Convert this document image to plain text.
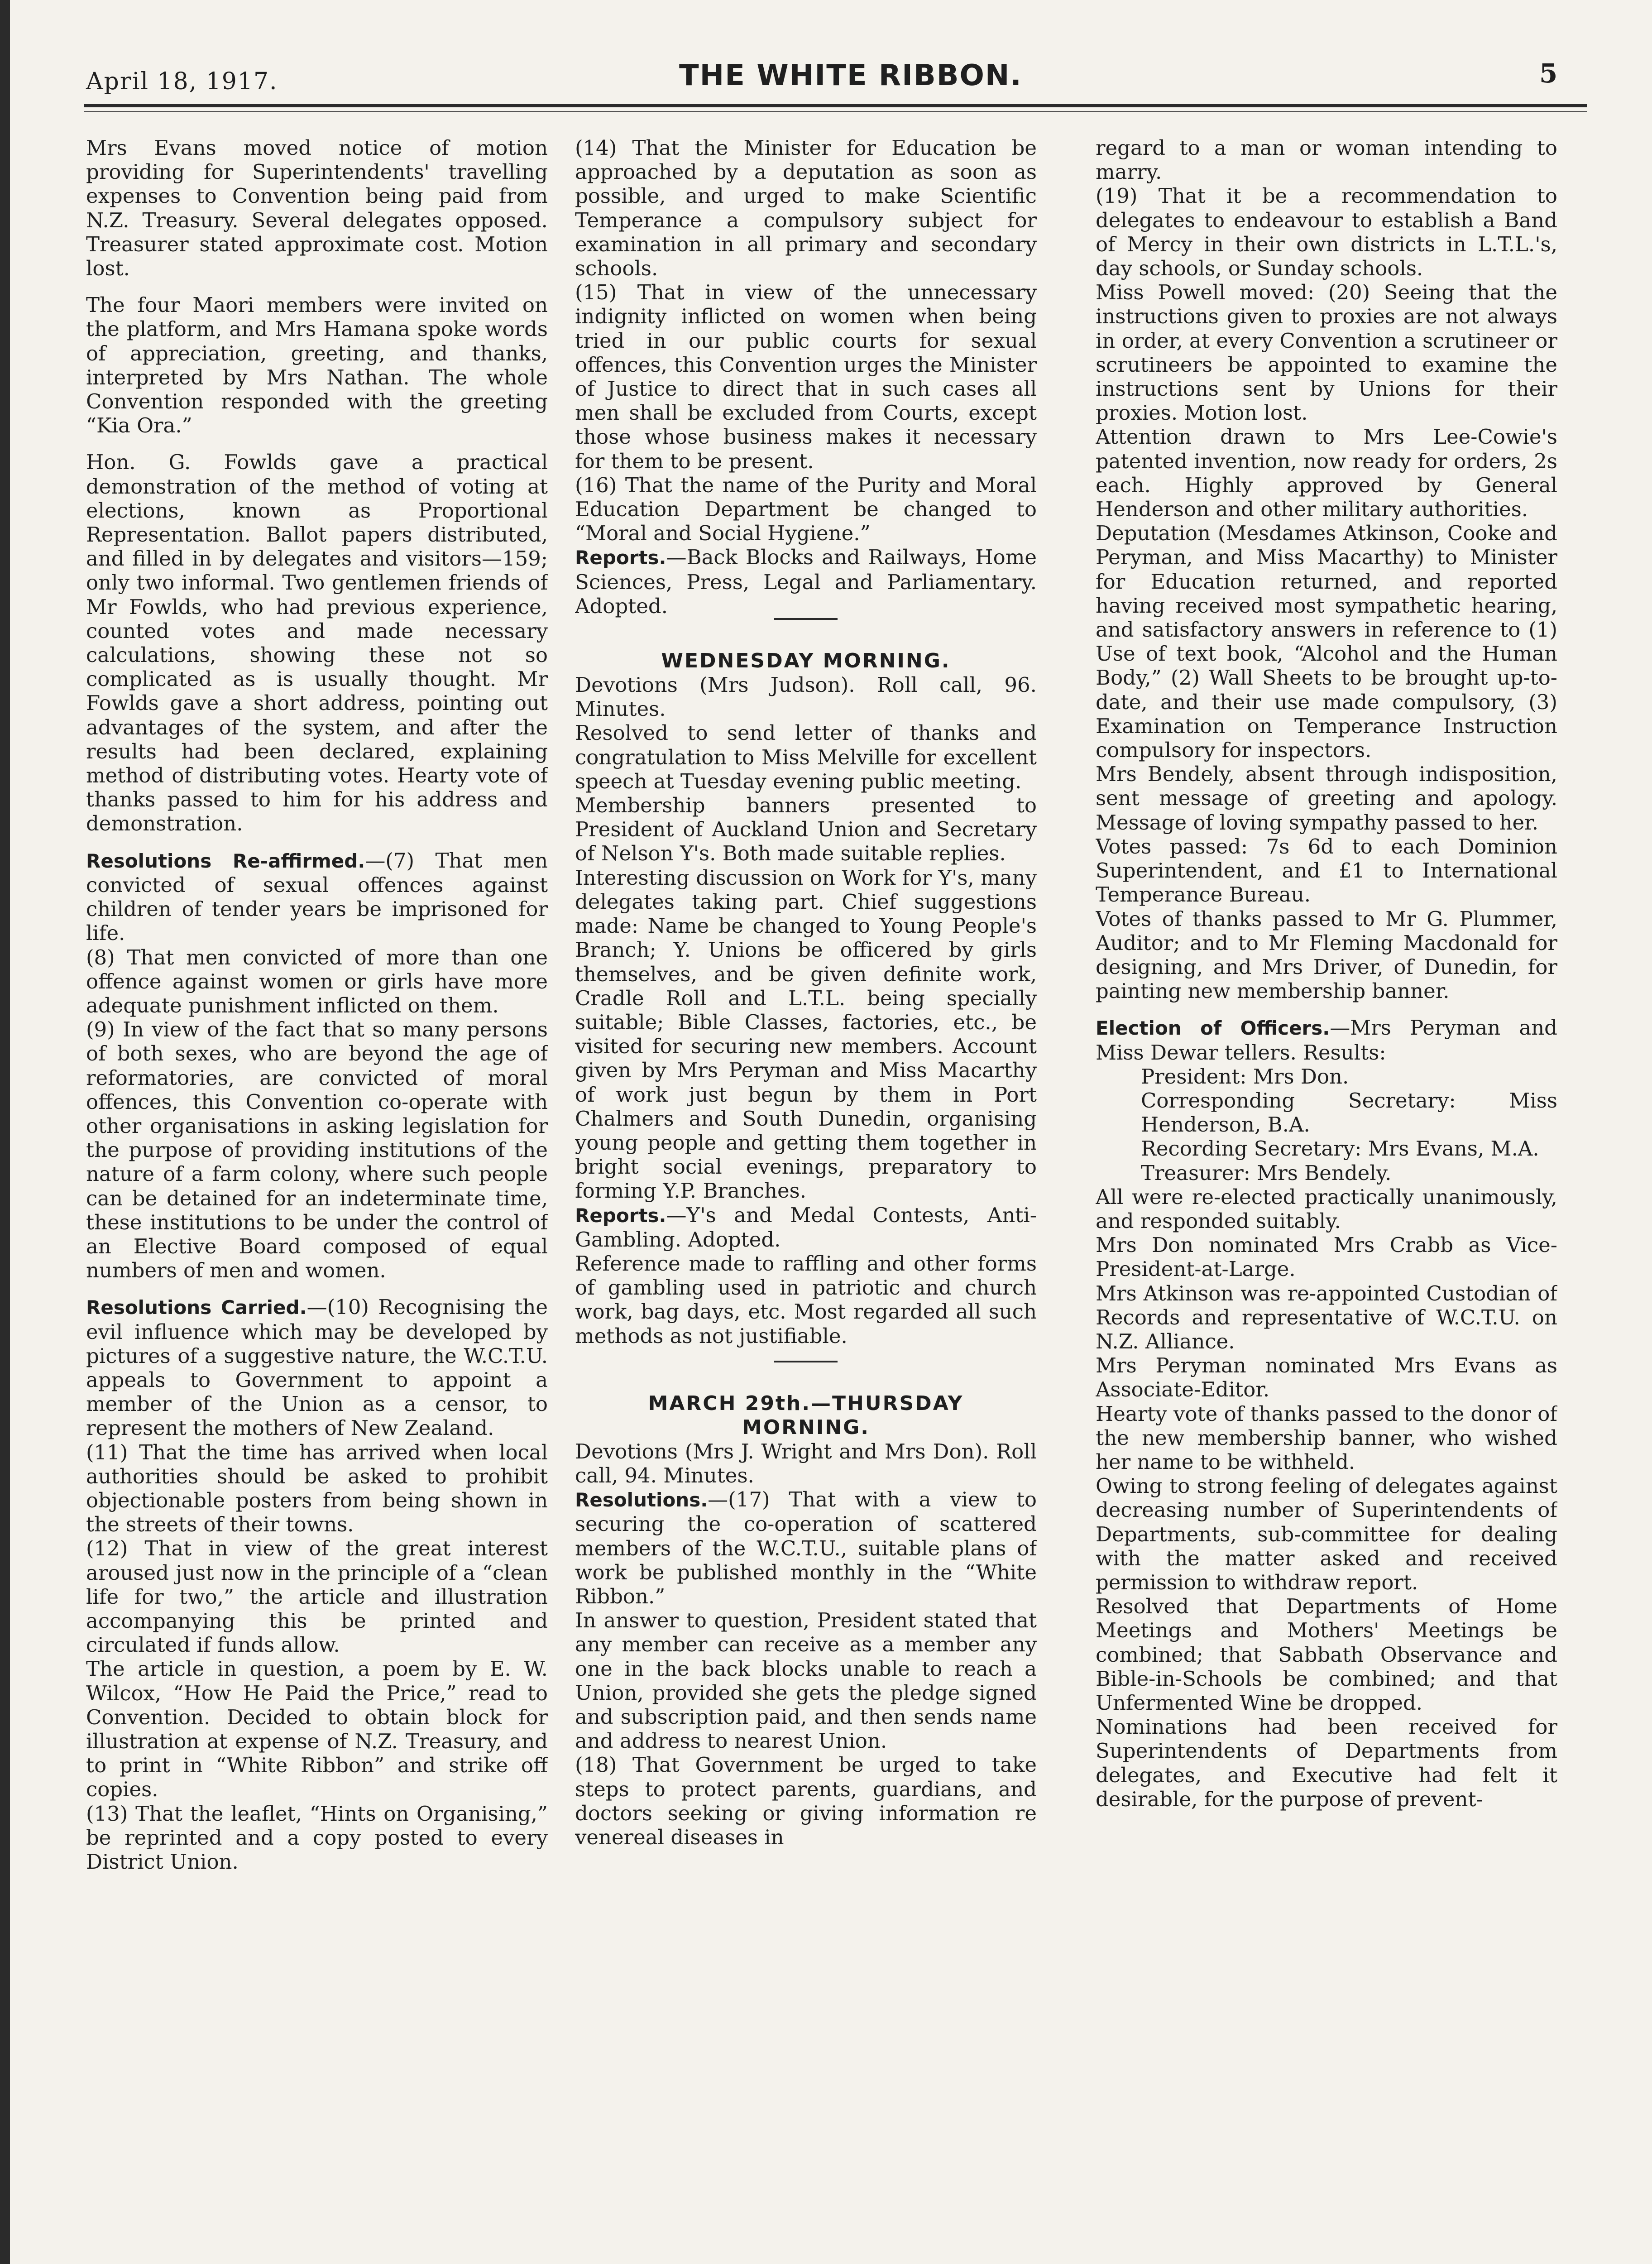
April 18, 1917.	THE WHITE RIBBON.	5

Mrs Evans moved notice of motion providing for Superintendents' travelling expenses to Convention being paid from N.Z. Treasury. Several delegates opposed. Treasurer stated approximate cost. Motion lost.

The four Maori members were invited on the platform, and Mrs Hamana spoke words of appreciation, greeting, and thanks, interpreted by Mrs Nathan. The whole Convention responded with the greeting “Kia Ora.”

Hon. G. Fowlds gave a practical demonstration of the method of voting at elections, known as Proportional Representation. Ballot papers distributed, and filled in by delegates and visitors—159; only two informal. Two gentlemen friends of Mr Fowlds, who had previous experience, counted votes and made necessary calculations, showing these not so complicated as is usually thought. Mr Fowlds gave a short address, pointing out advantages of the system, and after the results had been declared, explaining method of distributing votes. Hearty vote of thanks passed to him for his address and demonstration.

Resolutions Re-affirmed.—(7) That men convicted of sexual offences against children of tender years be imprisoned for life.

(8) That men convicted of more than one offence against women or girls have more adequate punishment inflicted on them.

(9) In view of the fact that so many persons of both sexes, who are beyond the age of reformatories, are convicted of moral offences, this Convention co-operate with other organisations in asking legislation for the purpose of providing institutions of the nature of a farm colony, where such people can be detained for an indeterminate time, these institutions to be under the control of an Elective Board composed of equal numbers of men and women.

Resolutions Carried.—(10) Recognising the evil influence which may be developed by pictures of a suggestive nature, the W.C.T.U. appeals to Government to appoint a member of the Union as a censor, to represent the mothers of New Zealand.

(11) That the time has arrived when local authorities should be asked to prohibit objectionable posters from being shown in the streets of their towns.

(12) That in view of the great interest aroused just now in the principle of a “clean life for two,” the article and illustration accompanying this be printed and circulated if funds allow.

The article in question, a poem by E. W. Wilcox, “How He Paid the Price,” read to Convention. Decided to obtain block for illustration at expense of N.Z. Treasury, and to print in “White Ribbon” and strike off copies.

(13) That the leaflet, “Hints on Organising,” be reprinted and a copy posted to every District Union.

(14) That the Minister for Education be approached by a deputation as soon as possible, and urged to make Scientific Temperance a compulsory subject for examination in all primary and secondary schools.

(15) That in view of the unnecessary indignity inflicted on women when being tried in our public courts for sexual offences, this Convention urges the Minister of Justice to direct that in such cases all men shall be excluded from Courts, except those whose business makes it necessary for them to be present.

(16) That the name of the Purity and Moral Education Department be changed to “Moral and Social Hygiene.”

Reports.—Back Blocks and Railways, Home Sciences, Press, Legal and Parliamentary. Adopted.

WEDNESDAY MORNING.

Devotions (Mrs Judson). Roll call, 96. Minutes.

Resolved to send letter of thanks and congratulation to Miss Melville for excellent speech at Tuesday evening public meeting.

Membership banners presented to President of Auckland Union and Secretary of Nelson Y's. Both made suitable replies.

Interesting discussion on Work for Y's, many delegates taking part. Chief suggestions made: Name be changed to Young People's Branch; Y. Unions be officered by girls themselves, and be given definite work, Cradle Roll and L.T.L. being specially suitable; Bible Classes, factories, etc., be visited for securing new members. Account given by Mrs Peryman and Miss Macarthy of work just begun by them in Port Chalmers and South Dunedin, organising young people and getting them together in bright social evenings, preparatory to forming Y.P. Branches.

Reports.—Y's and Medal Contests, Anti-Gambling. Adopted.

Reference made to raffling and other forms of gambling used in patriotic and church work, bag days, etc. Most regarded all such methods as not justifiable.

MARCH 29th.—THURSDAY
MORNING.

Devotions (Mrs J. Wright and Mrs Don). Roll call, 94. Minutes.

Resolutions.—(17) That with a view to securing the co-operation of scattered members of the W.C.T.U., suitable plans of work be published monthly in the “White Ribbon.”

In answer to question, President stated that any member can receive as a member any one in the back blocks unable to reach a Union, provided she gets the pledge signed and subscription paid, and then sends name and address to nearest Union.

(18) That Government be urged to take steps to protect parents, guardians, and doctors seeking or giving information re venereal diseases in

regard to a man or woman intending to marry.

(19) That it be a recommendation to delegates to endeavour to establish a Band of Mercy in their own districts in L.T.L.'s, day schools, or Sunday schools.

Miss Powell moved: (20) Seeing that the instructions given to proxies are not always in order, at every Convention a scrutineer or scrutineers be appointed to examine the instructions sent by Unions for their proxies. Motion lost.

Attention drawn to Mrs Lee-Cowie's patented invention, now ready for orders, 2s each. Highly approved by General Henderson and other military authorities.

Deputation (Mesdames Atkinson, Cooke and Peryman, and Miss Macarthy) to Minister for Education returned, and reported having received most sympathetic hearing, and satisfactory answers in reference to (1) Use of text book, “Alcohol and the Human Body,” (2) Wall Sheets to be brought up-to-date, and their use made compulsory, (3) Examination on Temperance Instruction compulsory for inspectors.

Mrs Bendely, absent through indisposition, sent message of greeting and apology. Message of loving sympathy passed to her.

Votes passed: 7s 6d to each Dominion Superintendent, and £1 to International Temperance Bureau.

Votes of thanks passed to Mr G. Plummer, Auditor; and to Mr Fleming Macdonald for designing, and Mrs Driver, of Dunedin, for painting new membership banner.

Election of Officers.—Mrs Peryman and Miss Dewar tellers. Results:

President: Mrs Don.

Corresponding Secretary: Miss Henderson, B.A.

Recording Secretary: Mrs Evans, M.A.

Treasurer: Mrs Bendely.

All were re-elected practically unanimously, and responded suitably.

Mrs Don nominated Mrs Crabb as Vice-President-at-Large.

Mrs Atkinson was re-appointed Custodian of Records and representative of W.C.T.U. on N.Z. Alliance.

Mrs Peryman nominated Mrs Evans as Associate-Editor.

Hearty vote of thanks passed to the donor of the new membership banner, who wished her name to be withheld.

Owing to strong feeling of delegates against decreasing number of Superintendents of Departments, sub-committee for dealing with the matter asked and received permission to withdraw report.

Resolved that Departments of Home Meetings and Mothers' Meetings be combined; that Sabbath Observance and Bible-in-Schools be combined; and that Unfermented Wine be dropped.

Nominations had been received for Superintendents of Departments from delegates, and Executive had felt it desirable, for the purpose of prevent-
